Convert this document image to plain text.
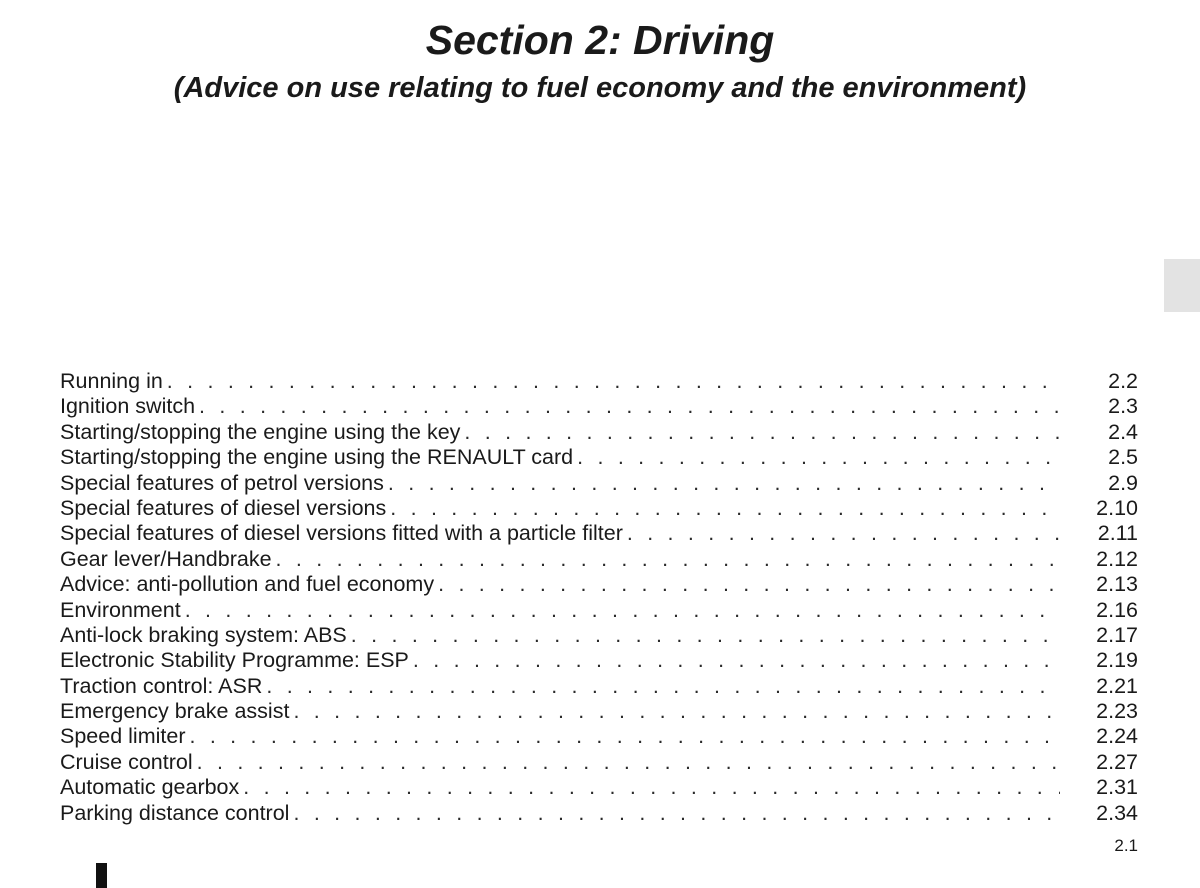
Section 2: Driving
(Advice on use relating to fuel economy and the environment)
Running in . . .	2.2
Ignition switch . . .	2.3
Starting/stopping the engine using the key . . .	2.4
Starting/stopping the engine using the RENAULT card . . .	2.5
Special features of petrol versions . . .	2.9
Special features of diesel versions . . .	2.10
Special features of diesel versions fitted with a particle filter . . .	2.11
Gear lever/Handbrake . . .	2.12
Advice: anti-pollution and fuel economy . . .	2.13
Environment . . .	2.16
Anti-lock braking system: ABS . . .	2.17
Electronic Stability Programme: ESP . . .	2.19
Traction control: ASR . . .	2.21
Emergency brake assist . . .	2.23
Speed limiter . . .	2.24
Cruise control . . .	2.27
Automatic gearbox . . .	2.31
Parking distance control . . .	2.34
2.1
